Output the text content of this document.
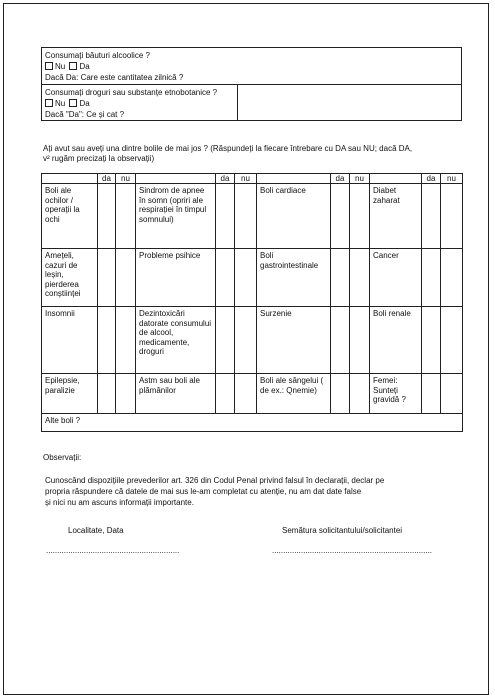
Consumați băuturi alcoolice ?
Nu Da
Dacă Da: Care este cantitatea zilnică ?
Consumați droguri sau substanțe etnobotanice ?
Nu Da
Dacă "Da": Ce și cat ?
Ați avut sau aveți una dintre bolile de mai jos ? (Răspundeți la fiecare întrebare cu DA sau NU; dacă DA,
v² rugăm precizați la observații)
	da	nu		da	nu		da	nu		da	nu
Boli ale ochilor / operații la ochi			Sindrom de apnee în somn (opriri ale respirației în timpul somnului)			Boli cardiace			Diabet zaharat		
Amețeli, cazuri de leșin, pierderea conștiinței			Probleme psihice			Boli gastrointestinale			Cancer		
Insomnii			Dezintoxicări datorate consumului de alcool, medicamente, droguri			Surzenie			Boli renale		
Epilepsie, paralizie			Astm sau boli ale plămânilor			Boli ale sângelui ( de ex.: Qnemie)			Femei: Sunteți gravidă ?		
Alte boli ?											
Observații:
Cunoscând dispozițiile prevederilor art. 326 din Codul Penal privind falsul în declarații, declar pe
propria răspundere că datele de mai sus le-am completat cu atenție, nu am dat date false
și nici nu am ascuns informații importante.
Localitate, Data	Semătura solicitantului/solicitantei
............................................................	........................................................................
